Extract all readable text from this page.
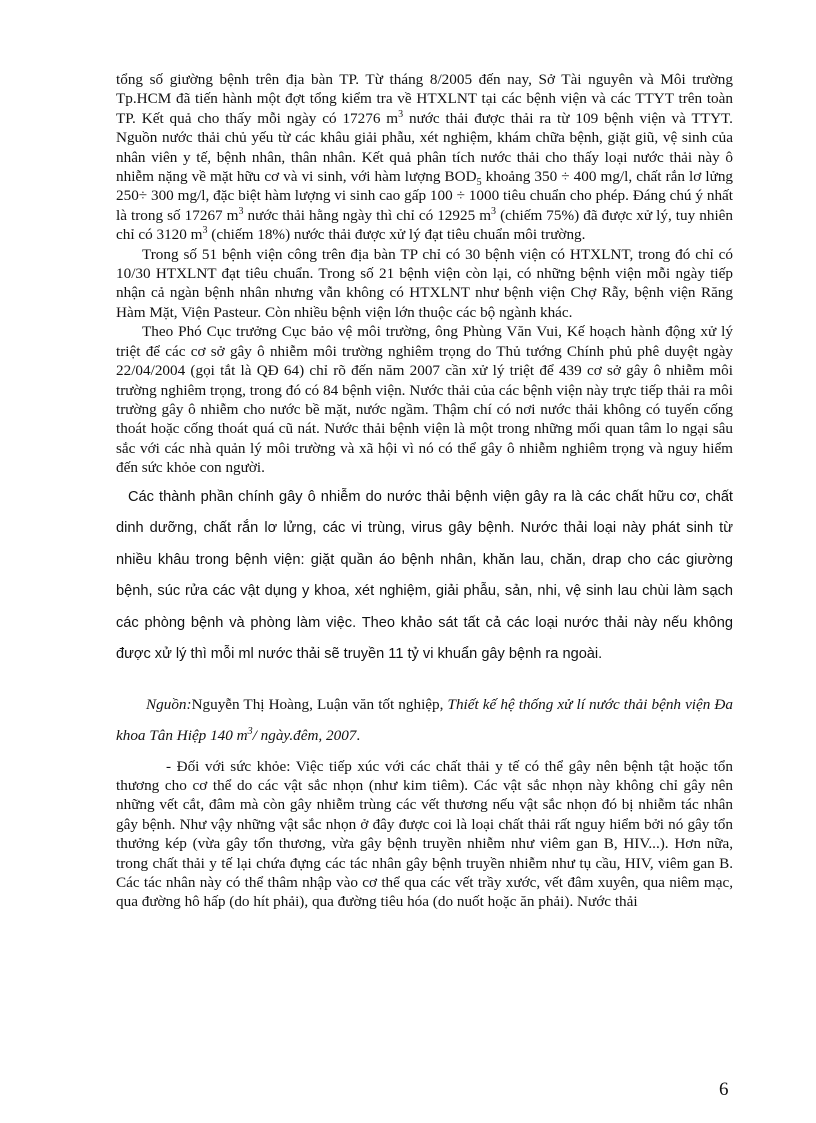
tổng số giường bệnh trên địa bàn TP. Từ tháng 8/2005 đến nay, Sở Tài nguyên và Môi trường Tp.HCM đã tiến hành một đợt tổng kiểm tra về HTXLNT tại các bệnh viện và các TTYT trên toàn TP. Kết quả cho thấy mỗi ngày có 17276 $m^3$ nước thải được thải ra từ 109 bệnh viện và TTYT. Nguồn nước thải chủ yếu từ các khâu giải phẫu, xét nghiệm, khám chữa bệnh, giặt giũ, vệ sinh của nhân viên y tế, bệnh nhân, thân nhân. Kết quả phân tích nước thải cho thấy loại nước thải này ô nhiễm nặng về mặt hữu cơ và vi sinh, với hàm lượng $BOD_5$ khoảng 350 ÷ 400 mg/l, chất rắn lơ lửng 250÷ 300 mg/l, đặc biệt hàm lượng vi sinh cao gấp 100 ÷ 1000 tiêu chuẩn cho phép. Đáng chú ý nhất là trong số 17267 $m^3$ nước thải hằng ngày thì chỉ có 12925 $m^3$ (chiếm 75%) đã được xử lý, tuy nhiên chỉ có 3120 $m^3$ (chiếm 18%) nước thải được xử lý đạt tiêu chuẩn môi trường.

Trong số 51 bệnh viện công trên địa bàn TP chỉ có 30 bệnh viện có HTXLNT, trong đó chỉ có 10/30 HTXLNT đạt tiêu chuẩn. Trong số 21 bệnh viện còn lại, có những bệnh viện mỗi ngày tiếp nhận cả ngàn bệnh nhân nhưng vẫn không có HTXLNT như bệnh viện Chợ Rẫy, bệnh viện Răng Hàm Mặt, Viện Pasteur. Còn nhiều bệnh viện lớn thuộc các bộ ngành khác.

Theo Phó Cục trưởng Cục bảo vệ môi trường, ông Phùng Văn Vui, Kế hoạch hành động xử lý triệt để các cơ sở gây ô nhiễm môi trường nghiêm trọng do Thủ tướng Chính phủ phê duyệt ngày 22/04/2004 (gọi tắt là QĐ 64) chỉ rõ đến năm 2007 cần xử lý triệt để 439 cơ sở gây ô nhiễm môi trường nghiêm trọng, trong đó có 84 bệnh viện. Nước thải của các bệnh viện này trực tiếp thải ra môi trường gây ô nhiễm cho nước bề mặt, nước ngầm. Thậm chí có nơi nước thải không có tuyến cống thoát hoặc cống thoát quá cũ nát. Nước thải bệnh viện là một trong những mối quan tâm lo ngại sâu sắc với các nhà quản lý môi trường và xã hội vì nó có thể gây ô nhiễm nghiêm trọng và nguy hiểm đến sức khỏe con người.

Các thành phần chính gây ô nhiễm do nước thải bệnh viện gây ra là các chất hữu cơ, chất dinh dưỡng, chất rắn lơ lửng, các vi trùng, virus gây bệnh. Nước thải loại này phát sinh từ nhiều khâu trong bệnh viện: giặt quần áo bệnh nhân, khăn lau, chăn, drap cho các giường bệnh, súc rửa các vật dụng y khoa, xét nghiệm, giải phẫu, sản, nhi, vệ sinh lau chùi làm sạch các phòng bệnh và phòng làm việc. Theo khảo sát tất cả các loại nước thải này nếu không được xử lý thì mỗi ml nước thải sẽ truyền 11 tỷ vi khuẩn gây bệnh ra ngoài.

Nguồn:Nguyễn Thị Hoàng, Luận văn tốt nghiệp, Thiết kế hệ thống xử lí nước thải bệnh viện Đa khoa Tân Hiệp 140 $m^3/$ ngày.đêm, 2007.

- Đối với sức khỏe: Việc tiếp xúc với các chất thải y tế có thể gây nên bệnh tật hoặc tổn thương cho cơ thể do các vật sắc nhọn (như kim tiêm). Các vật sắc nhọn này không chỉ gây nên những vết cắt, đâm mà còn gây nhiễm trùng các vết thương nếu vật sắc nhọn đó bị nhiễm tác nhân gây bệnh. Như vậy những vật sắc nhọn ở đây được coi là loại chất thải rất nguy hiểm bởi nó gây tổn thưởng kép (vừa gây tổn thương, vừa gây bệnh truyền nhiễm như viêm gan B, HIV...). Hơn nữa, trong chất thải y tế lại chứa đựng các tác nhân gây bệnh truyền nhiễm như tụ cầu, HIV, viêm gan B. Các tác nhân này có thể thâm nhập vào cơ thể qua các vết trầy xước, vết đâm xuyên, qua niêm mạc, qua đường hô hấp (do hít phải), qua đường tiêu hóa (do nuốt hoặc ăn phải). Nước thải

6
